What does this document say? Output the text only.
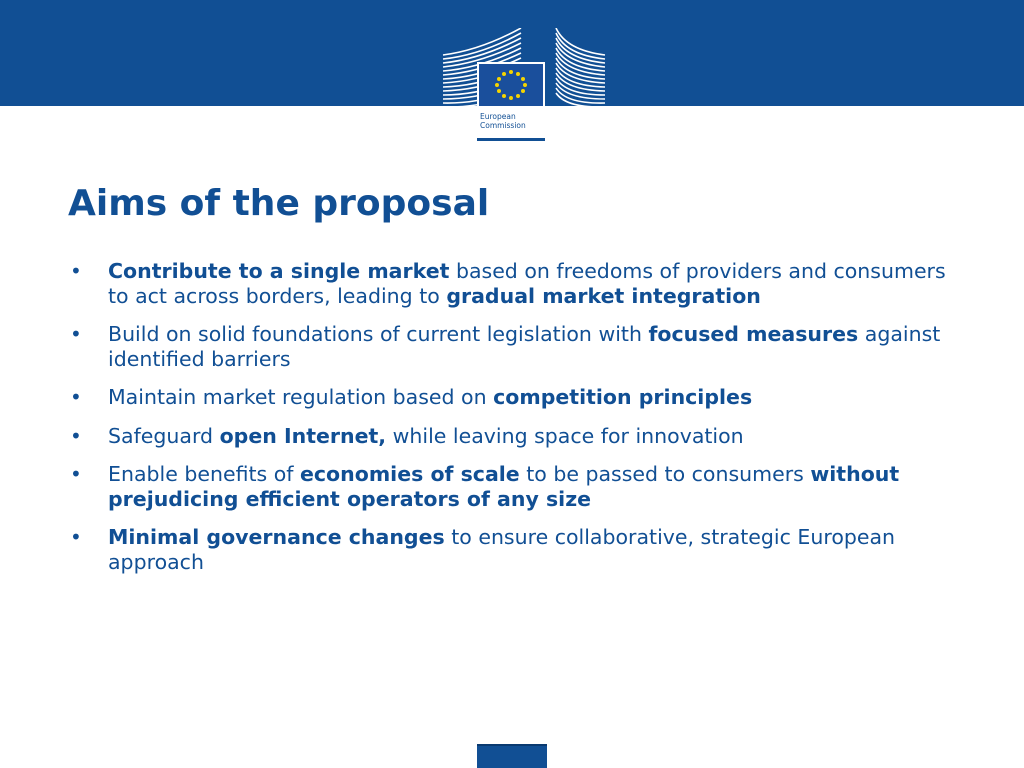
European
Commission
Aims of the proposal
• Contribute to a single market based on freedoms of providers and consumers to act across borders, leading to gradual market integration
• Build on solid foundations of current legislation with focused measures against identified barriers
• Maintain market regulation based on competition principles
• Safeguard open Internet, while leaving space for innovation
• Enable benefits of economies of scale to be passed to consumers without prejudicing efficient operators of any size
• Minimal governance changes to ensure collaborative, strategic European approach
